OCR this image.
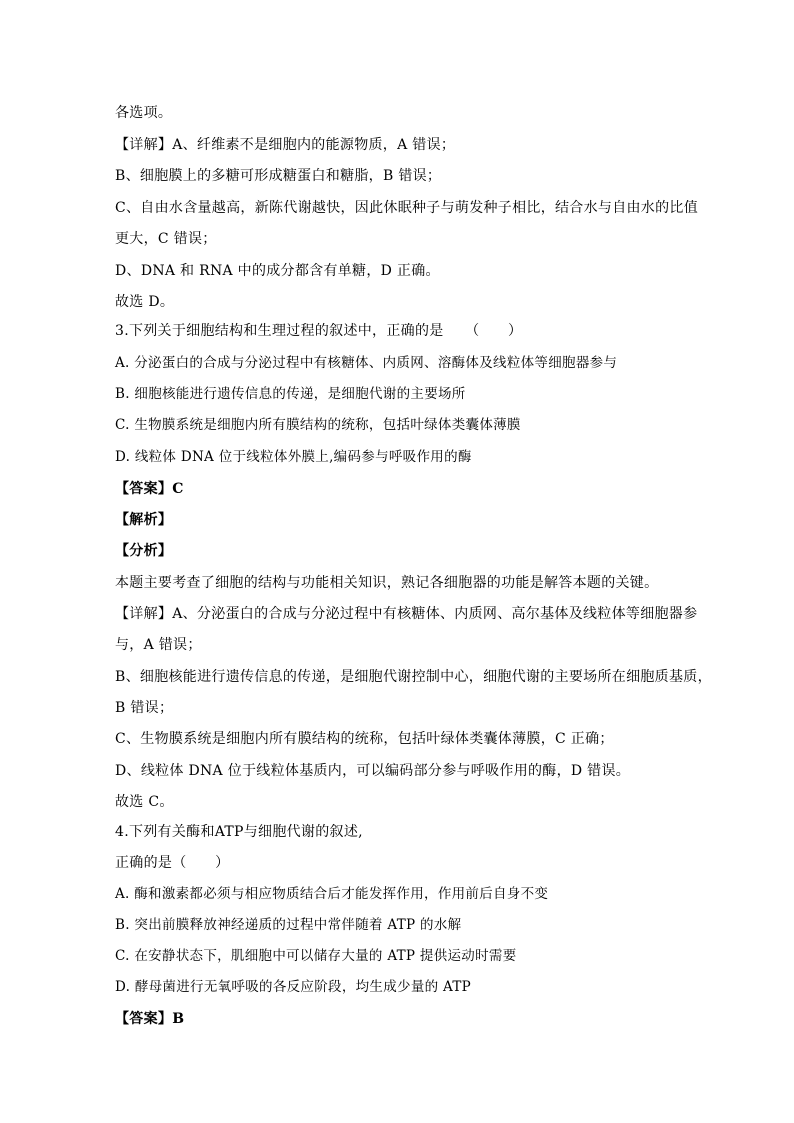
各选项。
【详解】A、纤维素不是细胞内的能源物质，A 错误；
B、细胞膜上的多糖可形成糖蛋白和糖脂，B 错误；
C、自由水含量越高，新陈代谢越快，因此休眠种子与萌发种子相比，结合水与自由水的比值
更大，C 错误；
D、DNA 和 RNA 中的成分都含有单糖，D 正确。
故选 D。
3.下列关于细胞结构和生理过程的叙述中，正确的是　　（　　）
A. 分泌蛋白的合成与分泌过程中有核糖体、内质网、溶酶体及线粒体等细胞器参与
B. 细胞核能进行遗传信息的传递，是细胞代谢的主要场所
C. 生物膜系统是细胞内所有膜结构的统称，包括叶绿体类囊体薄膜
D. 线粒体 DNA 位于线粒体外膜上,编码参与呼吸作用的酶
【答案】C
【解析】
【分析】
本题主要考查了细胞的结构与功能相关知识，熟记各细胞器的功能是解答本题的关键。
【详解】A、分泌蛋白的合成与分泌过程中有核糖体、内质网、高尔基体及线粒体等细胞器参
与，A 错误；
B、细胞核能进行遗传信息的传递，是细胞代谢控制中心，细胞代谢的主要场所在细胞质基质，
B 错误；
C、生物膜系统是细胞内所有膜结构的统称，包括叶绿体类囊体薄膜，C 正确；
D、线粒体 DNA 位于线粒体基质内，可以编码部分参与呼吸作用的酶，D 错误。
故选 C。
4.下列有关酶和ATP与细胞代谢的叙述,
正确的是（　　）
A. 酶和激素都必须与相应物质结合后才能发挥作用，作用前后自身不变
B. 突出前膜释放神经递质的过程中常伴随着 ATP 的水解
C. 在安静状态下，肌细胞中可以储存大量的 ATP 提供运动时需要
D. 酵母菌进行无氧呼吸的各反应阶段，均生成少量的 ATP
【答案】B
